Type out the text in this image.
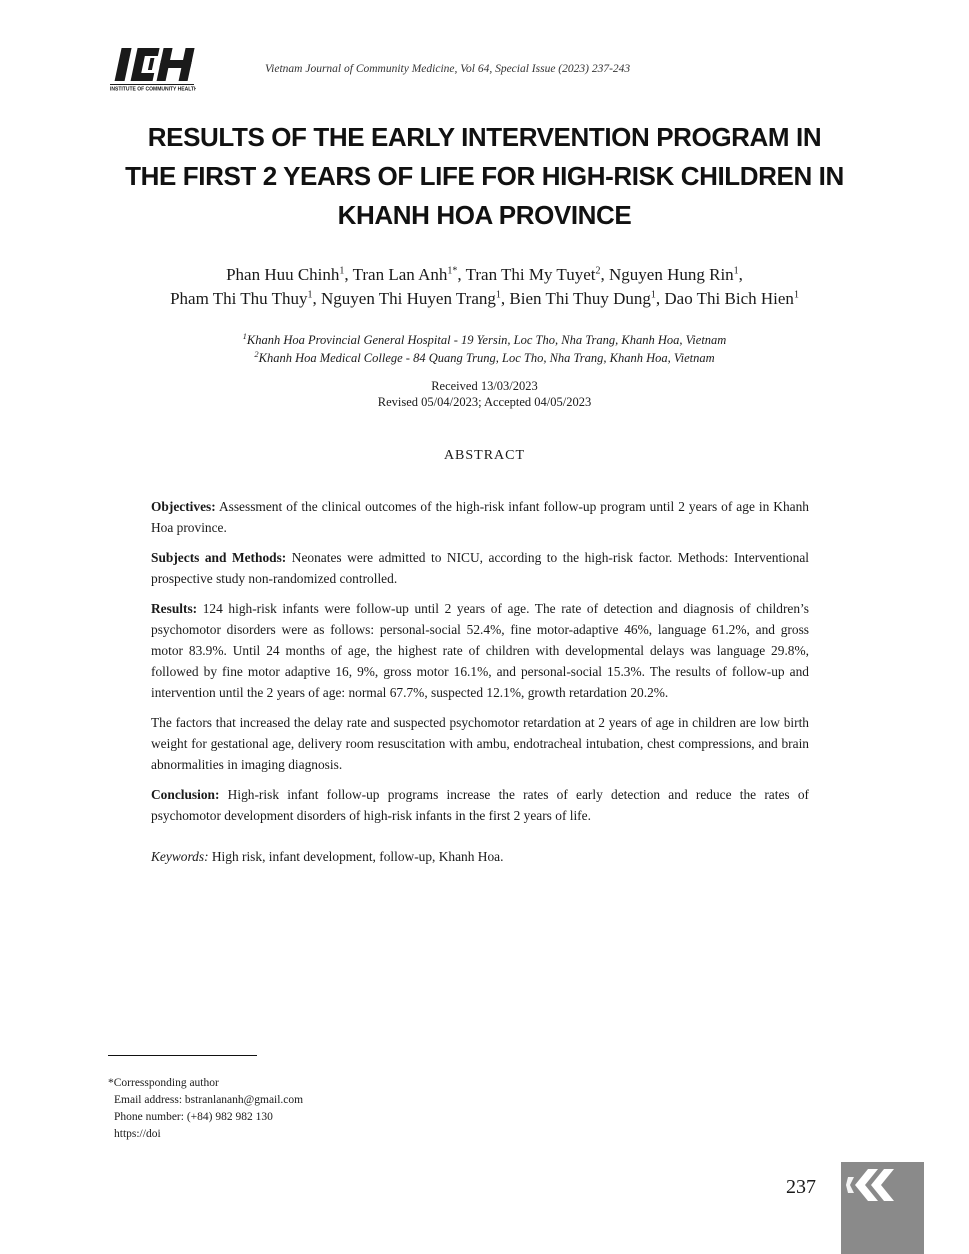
INSTITUTE OF COMMUNITY HEALTH
Vietnam Journal of Community Medicine, Vol 64, Special Issue (2023) 237-243
RESULTS OF THE EARLY INTERVENTION PROGRAM IN
THE FIRST 2 YEARS OF LIFE FOR HIGH-RISK CHILDREN IN
KHANH HOA PROVINCE
Phan Huu Chinh$^1$, Tran Lan Anh$^{1*}$, Tran Thi My Tuyet$^2$, Nguyen Hung Rin$^1$,
Pham Thi Thu Thuy$^1$, Nguyen Thi Huyen Trang$^1$, Bien Thi Thuy Dung$^1$, Dao Thi Bich Hien$^1$
$^1$Khanh Hoa Provincial General Hospital - 19 Yersin, Loc Tho, Nha Trang, Khanh Hoa, Vietnam
$^2$Khanh Hoa Medical College - 84 Quang Trung, Loc Tho, Nha Trang, Khanh Hoa, Vietnam
Received 13/03/2023
Revised 05/04/2023; Accepted 04/05/2023
ABSTRACT

Objectives: Assessment of the clinical outcomes of the high-risk infant follow-up program until 2 years of age in Khanh Hoa province.

Subjects and Methods: Neonates were admitted to NICU, according to the high-risk factor. Methods: Interventional prospective study non-randomized controlled.

Results: 124 high-risk infants were follow-up until 2 years of age. The rate of detection and diagnosis of children’s psychomotor disorders were as follows: personal-social 52.4%, fine motor-adaptive 46%, language 61.2%, and gross motor 83.9%. Until 24 months of age, the highest rate of children with developmental delays was language 29.8%, followed by fine motor adaptive 16, 9%, gross motor 16.1%, and personal-social 15.3%. The results of follow-up and intervention until the 2 years of age: normal 67.7%, suspected 12.1%, growth retardation 20.2%.

The factors that increased the delay rate and suspected psychomotor retardation at 2 years of age in children are low birth weight for gestational age, delivery room resuscitation with ambu, endotracheal intubation, chest compressions, and brain abnormalities in imaging diagnosis.

Conclusion: High-risk infant follow-up programs increase the rates of early detection and reduce the rates of psychomotor development disorders of high-risk infants in the first 2 years of life.

Keywords: High risk, infant development, follow-up, Khanh Hoa.

*Corressponding author
Email address: bstranlananh@gmail.com
Phone number: (+84) 982 982 130
https://doi
237
